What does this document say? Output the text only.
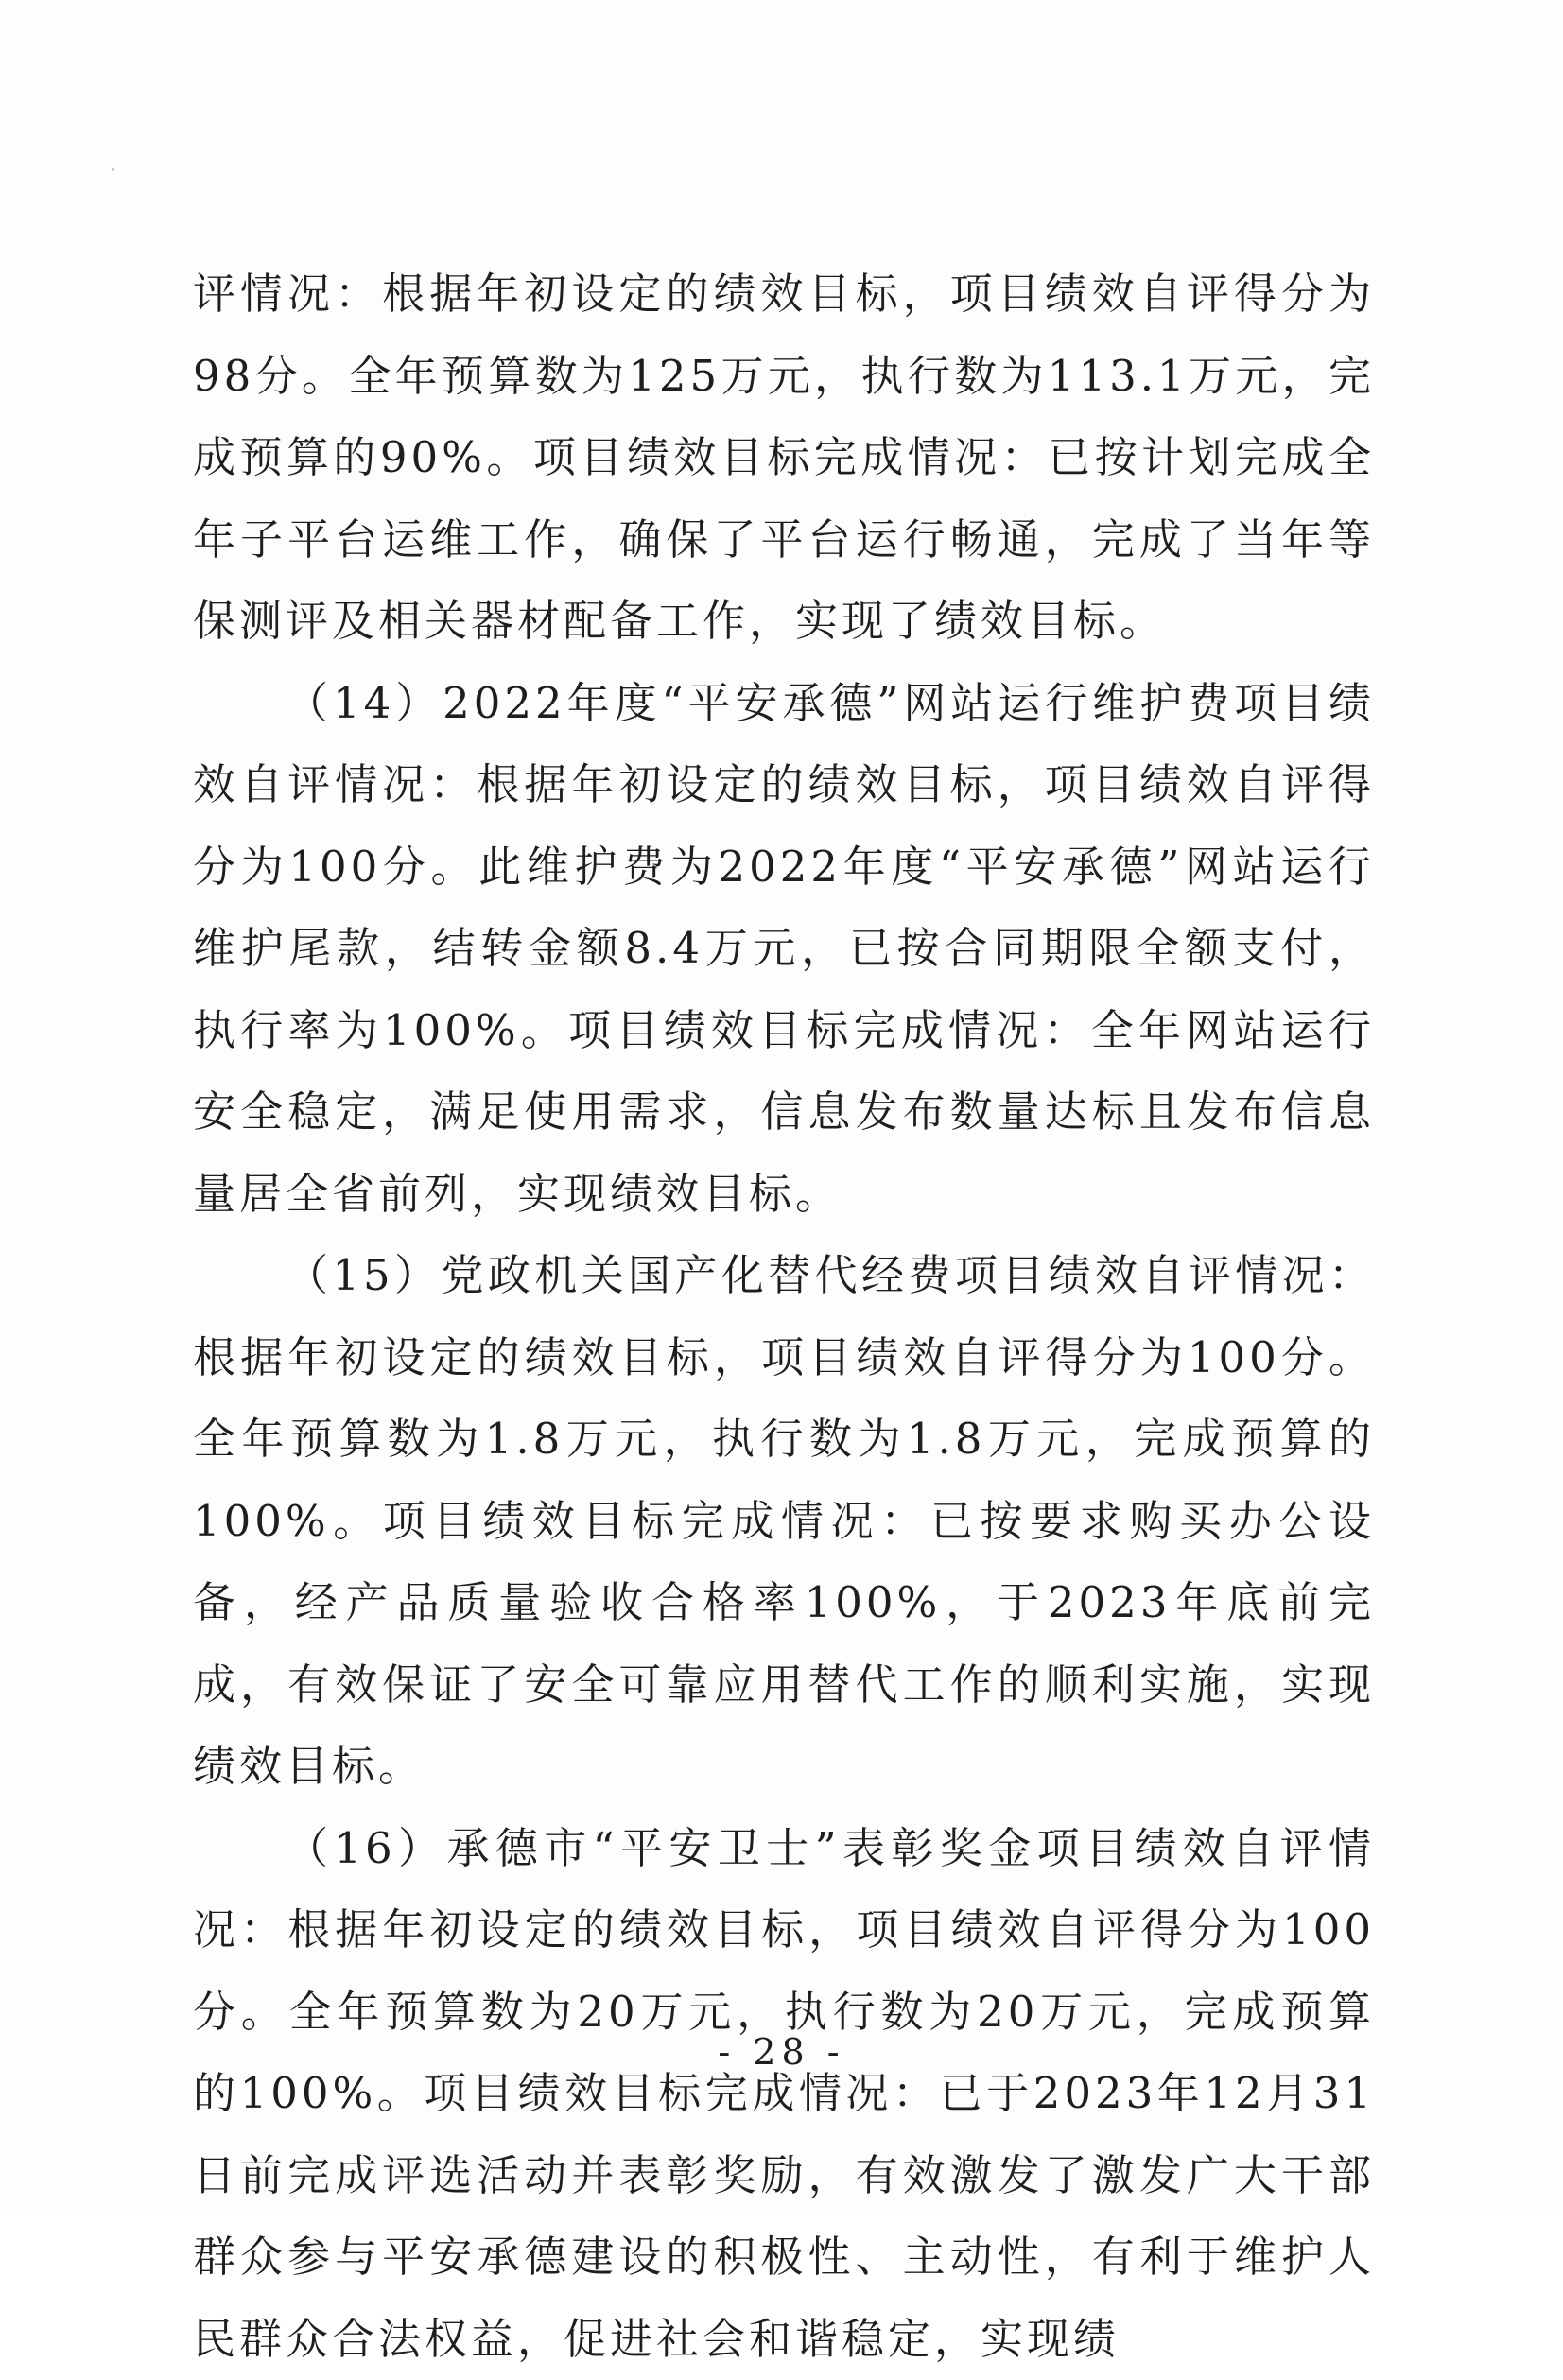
评情况：根据年初设定的绩效目标，项目绩效自评得分为98分。全年预算数为125万元，执行数为113.1万元，完成预算的90%。项目绩效目标完成情况：已按计划完成全年子平台运维工作，确保了平台运行畅通，完成了当年等保测评及相关器材配备工作，实现了绩效目标。

（14）2022年度“平安承德”网站运行维护费项目绩效自评情况：根据年初设定的绩效目标，项目绩效自评得分为100分。此维护费为2022年度“平安承德”网站运行维护尾款，结转金额8.4万元，已按合同期限全额支付，执行率为100%。项目绩效目标完成情况：全年网站运行安全稳定，满足使用需求，信息发布数量达标且发布信息量居全省前列，实现绩效目标。

（15）党政机关国产化替代经费项目绩效自评情况：根据年初设定的绩效目标，项目绩效自评得分为100分。全年预算数为1.8万元，执行数为1.8万元，完成预算的100%。项目绩效目标完成情况：已按要求购买办公设备，经产品质量验收合格率100%，于2023年底前完成，有效保证了安全可靠应用替代工作的顺利实施，实现绩效目标。

（16）承德市“平安卫士”表彰奖金项目绩效自评情况：根据年初设定的绩效目标，项目绩效自评得分为100分。全年预算数为20万元，执行数为20万元，完成预算的100%。项目绩效目标完成情况：已于2023年12月31日前完成评选活动并表彰奖励，有效激发了激发广大干部群众参与平安承德建设的积极性、主动性，有利于维护人民群众合法权益，促进社会和谐稳定，实现绩

- 28 -
